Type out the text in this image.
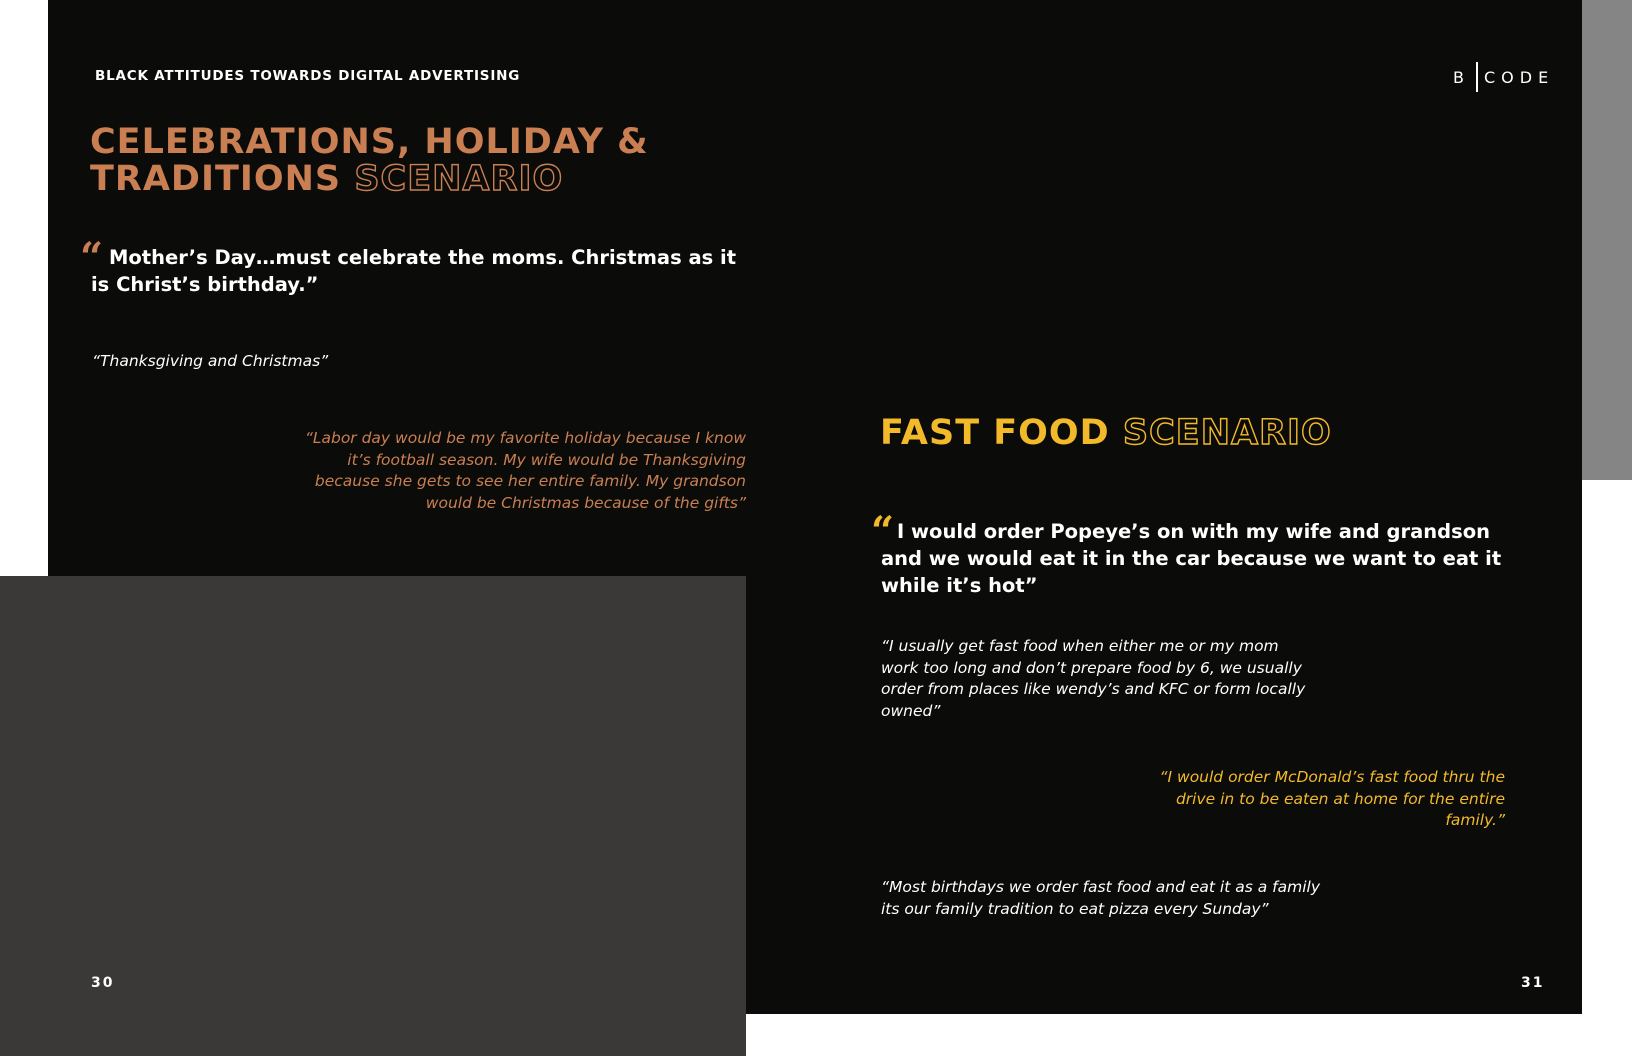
BLACK ATTITUDES TOWARDS DIGITAL ADVERTISING	B CODE
CELEBRATIONS, HOLIDAY &
TRADITIONS SCENARIO
“ Mother’s Day…must celebrate the moms. Christmas as it is Christ’s birthday.”

“Thanksgiving and Christmas”

“Labor day would be my favorite holiday because I know it’s football season. My wife would be Thanksgiving because she gets to see her entire family. My grandson would be Christmas because of the gifts”

30
FAST FOOD SCENARIO
“ I would order Popeye’s on with my wife and grandson and we would eat it in the car because we want to eat it while it’s hot”

“I usually get fast food when either me or my mom work too long and don’t prepare food by 6, we usually order from places like wendy’s and KFC or form locally owned”

“I would order McDonald’s fast food thru the drive in to be eaten at home for the entire family.”

“Most birthdays we order fast food and eat it as a family its our family tradition to eat pizza every Sunday”

31
